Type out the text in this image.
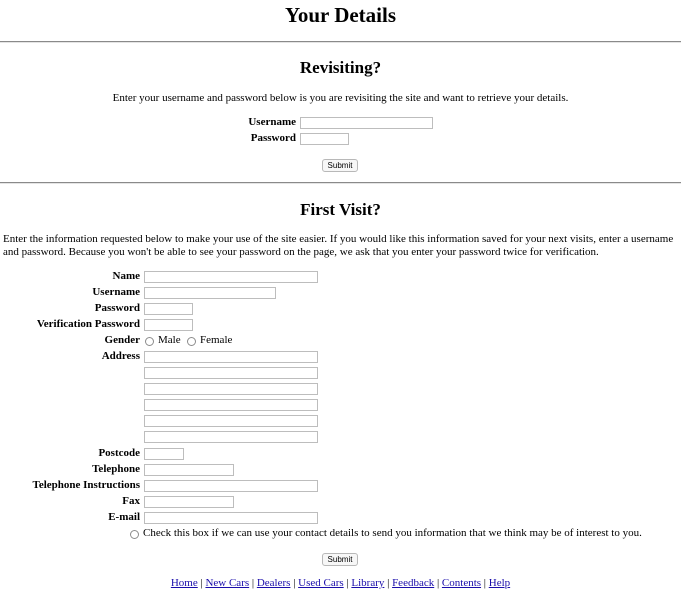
Your Details
Revisiting?
Enter your username and password below is you are revisiting the site and want to retrieve your details.
Username
Password
Submit
First Visit?
Enter the information requested below to make your use of the site easier. If you would like this information saved for your next visits, enter a username and password. Because you won't be able to see your password on the page, we ask that you enter your password twice for verification.
Name
Username
Password
Verification Password
Gender Male Female
Address
Postcode
Telephone
Telephone Instructions
Fax
E-mail
Check this box if we can use your contact details to send you information that we think may be of interest to you.
Submit
Home | New Cars | Dealers | Used Cars | Library | Feedback | Contents | Help
